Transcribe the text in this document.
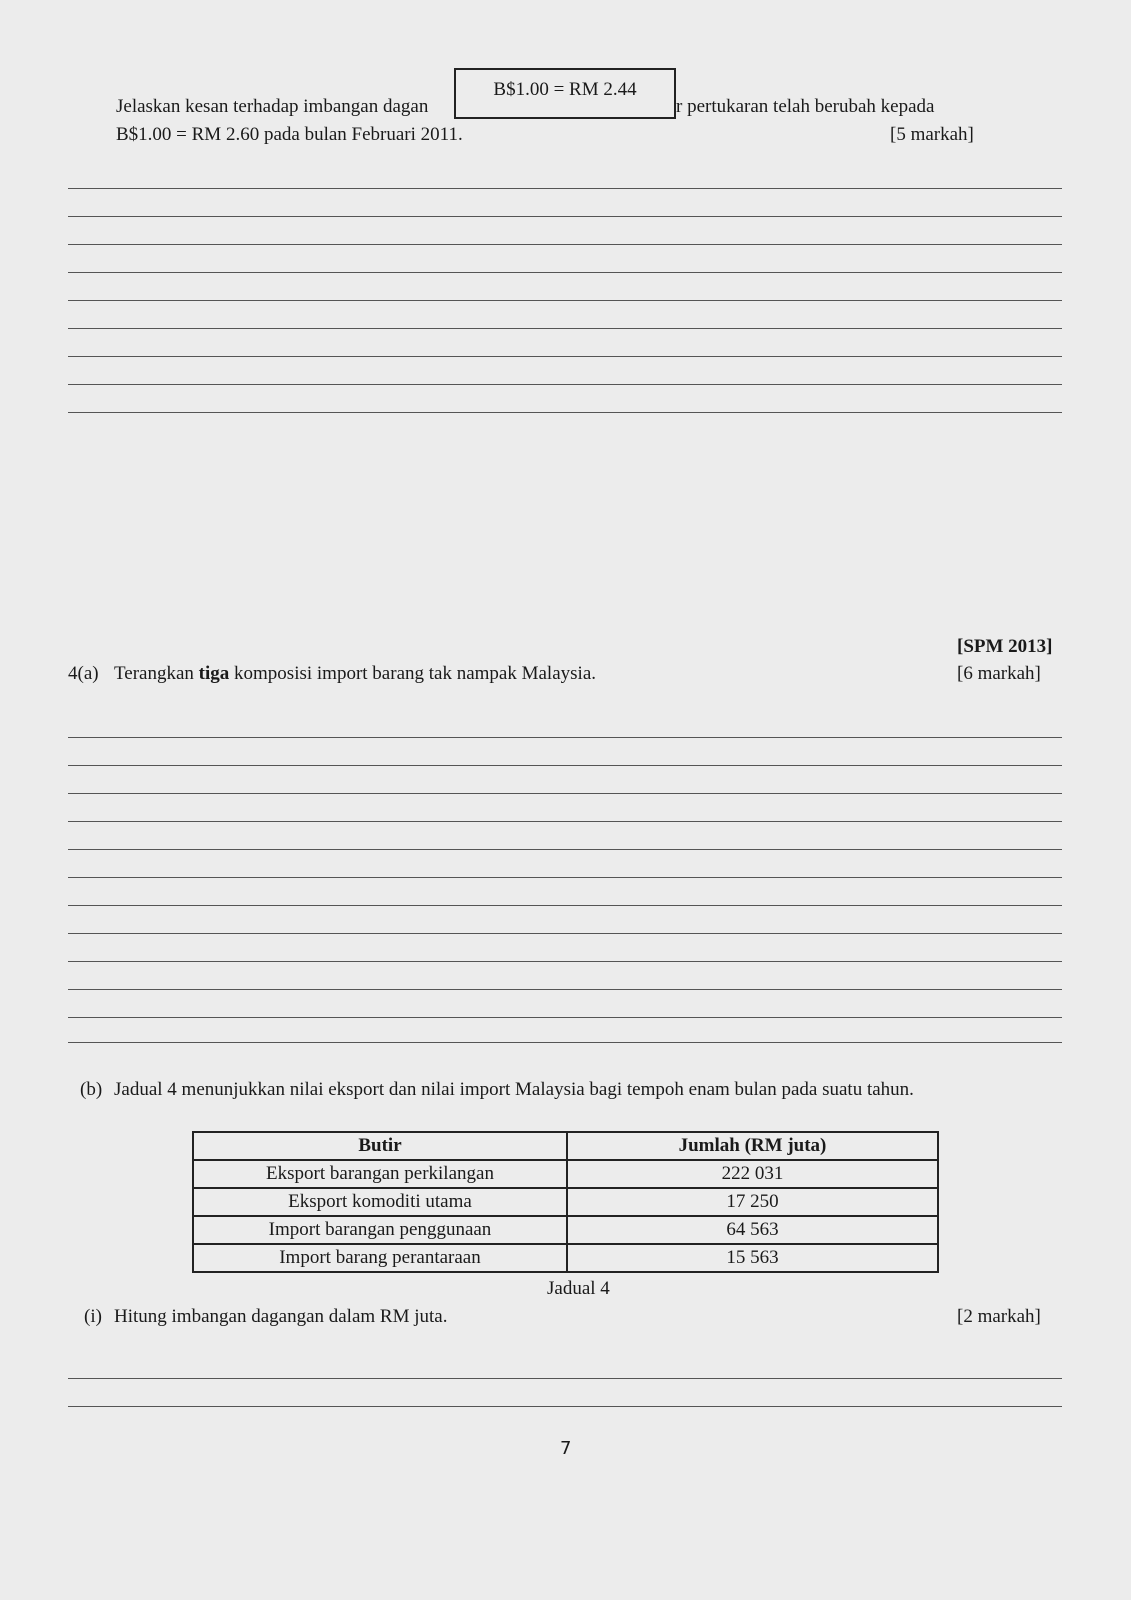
Jelaskan kesan terhadap imbangan dagan	r pertukaran telah berubah kepada
B$1.00 = RM 2.44
B$1.00 = RM 2.60 pada bulan Februari 2011.	[5 markah]
[SPM 2013]
4(a) Terangkan tiga komposisi import barang tak nampak Malaysia.	[6 markah]
(b) Jadual 4 menunjukkan nilai eksport dan nilai import Malaysia bagi tempoh enam bulan pada suatu tahun.
Butir	Jumlah (RM juta)
Eksport barangan perkilangan	222 031
Eksport komoditi utama	17 250
Import barangan penggunaan	64 563
Import barang perantaraan	15 563
Jadual 4
(i) Hitung imbangan dagangan dalam RM juta.	[2 markah]
7
